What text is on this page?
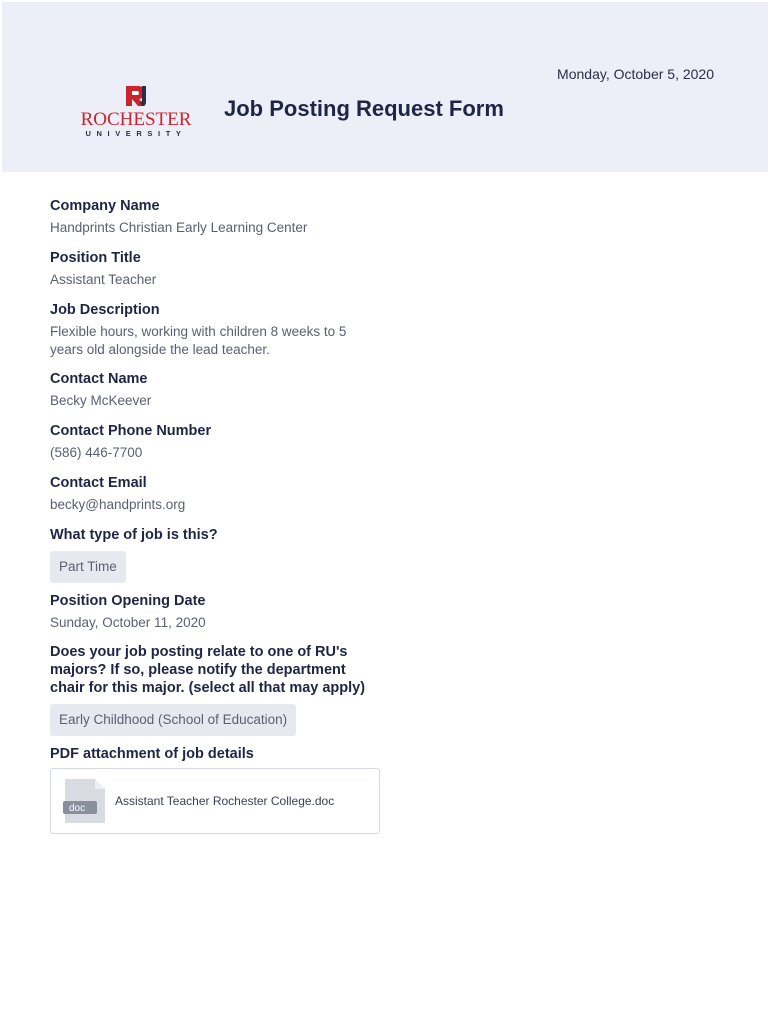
Monday, October 5, 2020
ROCHESTER
UNIVERSITY
Job Posting Request Form
Company Name
Handprints Christian Early Learning Center
Position Title
Assistant Teacher
Job Description
Flexible hours, working with children 8 weeks to 5 years old alongside the lead teacher.
Contact Name
Becky McKeever
Contact Phone Number
(586) 446-7700
Contact Email
becky@handprints.org
What type of job is this?
Part Time
Position Opening Date
Sunday, October 11, 2020
Does your job posting relate to one of RU's majors? If so, please notify the department chair for this major. (select all that may apply)
Early Childhood (School of Education)
PDF attachment of job details
doc
Assistant Teacher Rochester College.doc
